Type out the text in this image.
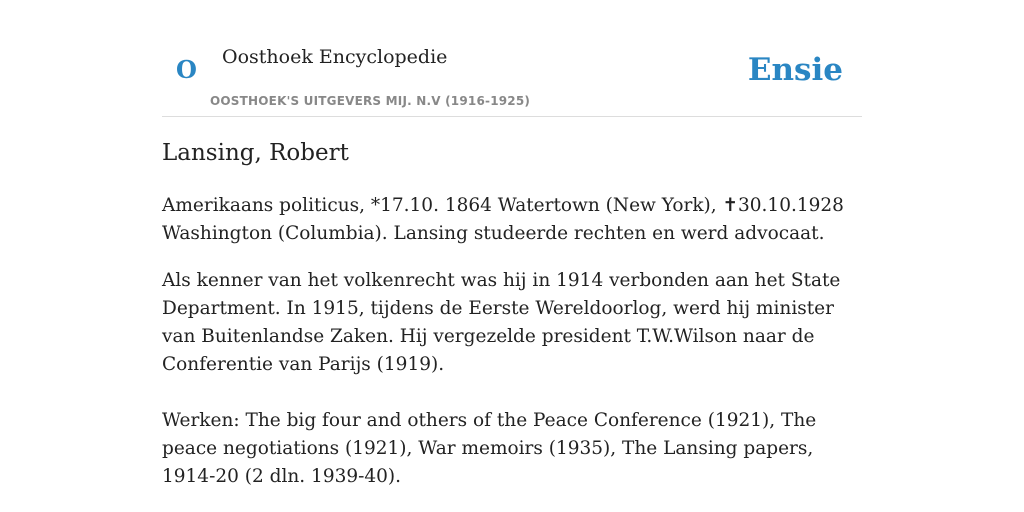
O Oosthoek Encyclopedie
OOSTHOEK'S UITGEVERS MIJ. N.V (1916-1925)
Ensie
Lansing, Robert

Amerikaans politicus, *17.10. 1864 Watertown (New York), ✝30.10.1928 Washington (Columbia). Lansing studeerde rechten en werd advocaat.

Als kenner van het volkenrecht was hij in 1914 verbonden aan het State Department. In 1915, tijdens de Eerste Wereldoorlog, werd hij minister van Buitenlandse Zaken. Hij vergezelde president T.W.Wilson naar de Conferentie van Parijs (1919).

Werken: The big four and others of the Peace Conference (1921), The peace negotiations (1921), War memoirs (1935), The Lansing papers, 1914-20 (2 dln. 1939-40).
